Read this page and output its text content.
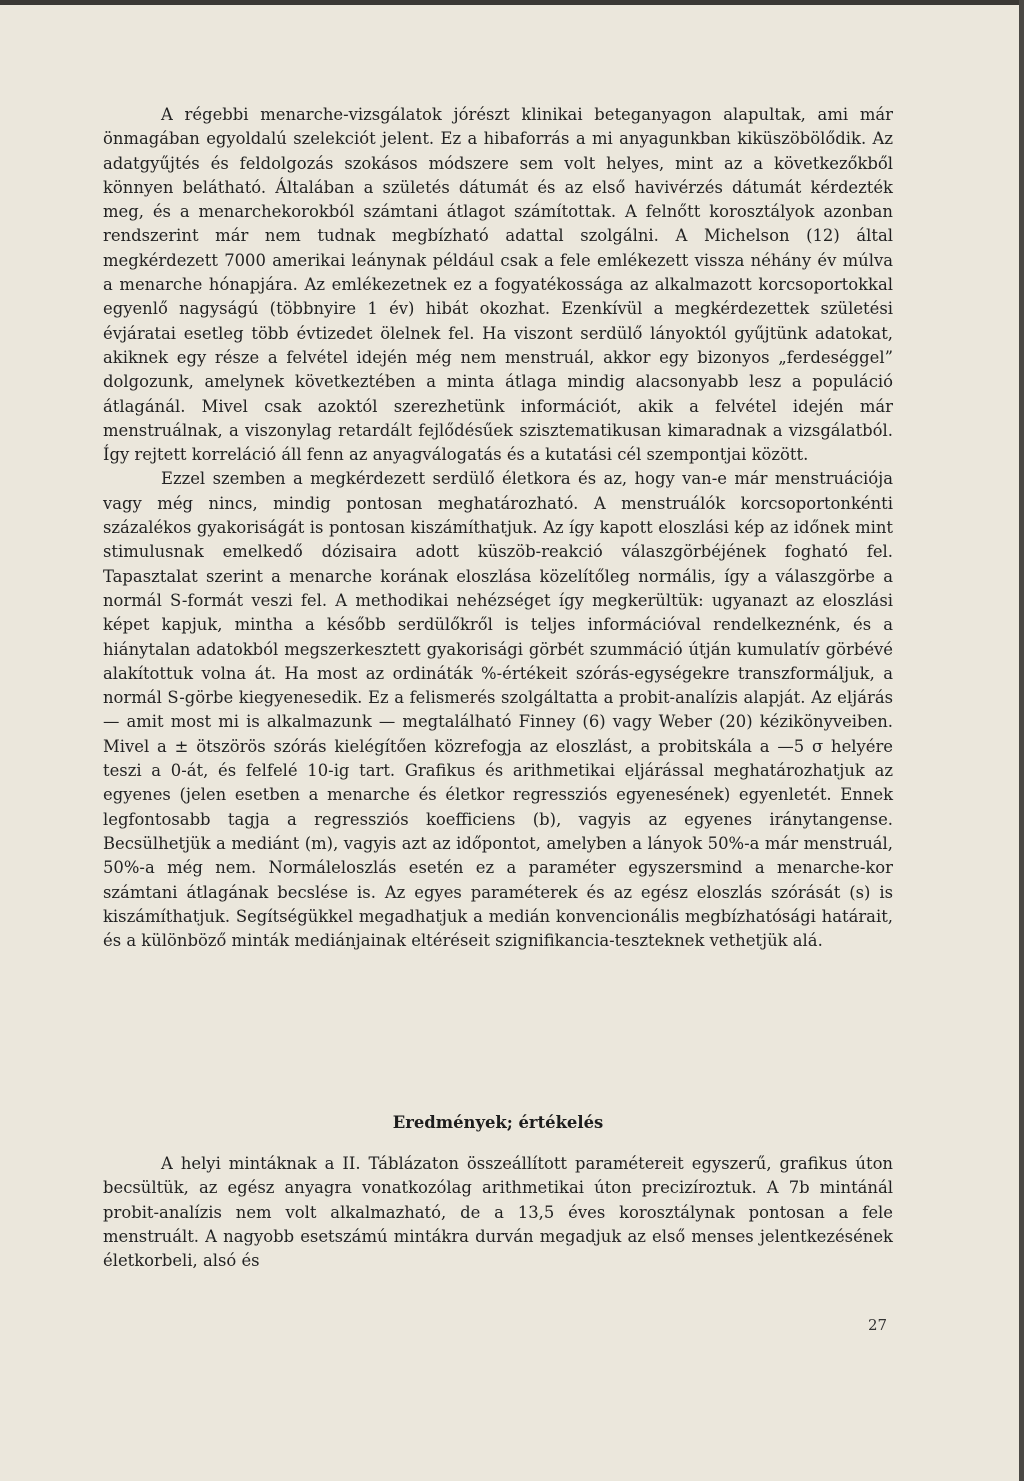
A régebbi menarche-vizsgálatok jórészt klinikai beteganyagon alapultak, ami már önmagában egyoldalú szelekciót jelent. Ez a hibaforrás a mi anyagunkban kiküszöbölődik. Az adatgyűjtés és feldolgozás szokásos módszere sem volt helyes, mint az a következőkből könnyen belátható. Általában a születés dátumát és az első havivérzés dátumát kérdezték meg, és a menarchekorokból számtani átlagot számítottak. A felnőtt korosztályok azonban rendszerint már nem tudnak megbízható adattal szolgálni. A Michelson (12) által megkérdezett 7000 amerikai leánynak például csak a fele emlékezett vissza néhány év múlva a menarche hónapjára. Az emlékezetnek ez a fogyatékossága az alkalmazott korcsoportokkal egyenlő nagyságú (többnyire 1 év) hibát okozhat. Ezenkívül a megkérdezettek születési évjáratai esetleg több évtizedet ölelnek fel. Ha viszont serdülő lányoktól gyűjtünk adatokat, akiknek egy része a felvétel idején még nem menstruál, akkor egy bizonyos „ferdeséggel” dolgozunk, amelynek következtében a minta átlaga mindig alacsonyabb lesz a populáció átlagánál. Mivel csak azoktól szerezhetünk információt, akik a felvétel idején már menstruálnak, a viszonylag retardált fejlődésűek szisztematikusan kimaradnak a vizsgálatból. Így rejtett korreláció áll fenn az anyagválogatás és a kutatási cél szempontjai között.

Ezzel szemben a megkérdezett serdülő életkora és az, hogy van-e már menstruációja vagy még nincs, mindig pontosan meghatározható. A menstruálók korcsoportonkénti százalékos gyakoriságát is pontosan kiszámíthatjuk. Az így kapott eloszlási kép az időnek mint stimulusnak emelkedő dózisaira adott küszöb-reakció válaszgörbéjének fogható fel. Tapasztalat szerint a menarche korának eloszlása közelítőleg normális, így a válaszgörbe a normál S-formát veszi fel. A methodikai nehézséget így megkerültük: ugyanazt az eloszlási képet kapjuk, mintha a később serdülőkről is teljes információval rendelkeznénk, és a hiánytalan adatokból megszerkesztett gyakorisági görbét szummáció útján kumulatív görbévé alakítottuk volna át. Ha most az ordináták %-értékeit szórás-egységekre transzformáljuk, a normál S-görbe kiegyenesedik. Ez a felismerés szolgáltatta a probit-analízis alapját. Az eljárás — amit most mi is alkalmazunk — megtalálható Finney (6) vagy Weber (20) kézikönyveiben. Mivel a ± ötszörös szórás kielégítően közrefogja az eloszlást, a probitskála a —5 σ helyére teszi a 0-át, és felfelé 10-ig tart. Grafikus és arithmetikai eljárással meghatározhatjuk az egyenes (jelen esetben a menarche és életkor regressziós egyenesének) egyenletét. Ennek legfontosabb tagja a regressziós koefficiens (b), vagyis az egyenes iránytangense. Becsülhetjük a mediánt (m), vagyis azt az időpontot, amelyben a lányok 50%-a már menstruál, 50%-a még nem. Normáleloszlás esetén ez a paraméter egyszersmind a menarche-kor számtani átlagának becslése is. Az egyes paraméterek és az egész eloszlás szórását (s) is kiszámíthatjuk. Segítségükkel megadhatjuk a medián konvencionális megbízhatósági határait, és a különböző minták mediánjainak eltéréseit szignifikancia-teszteknek vethetjük alá.

Eredmények; értékelés

A helyi mintáknak a II. Táblázaton összeállított paramétereit egyszerű, grafikus úton becsültük, az egész anyagra vonatkozólag arithmetikai úton precizíroztuk. A 7b mintánál probit-analízis nem volt alkalmazható, de a 13,5 éves korosztálynak pontosan a fele menstruált. A nagyobb esetszámú mintákra durván megadjuk az első menses jelentkezésének életkorbeli, alsó és

27
